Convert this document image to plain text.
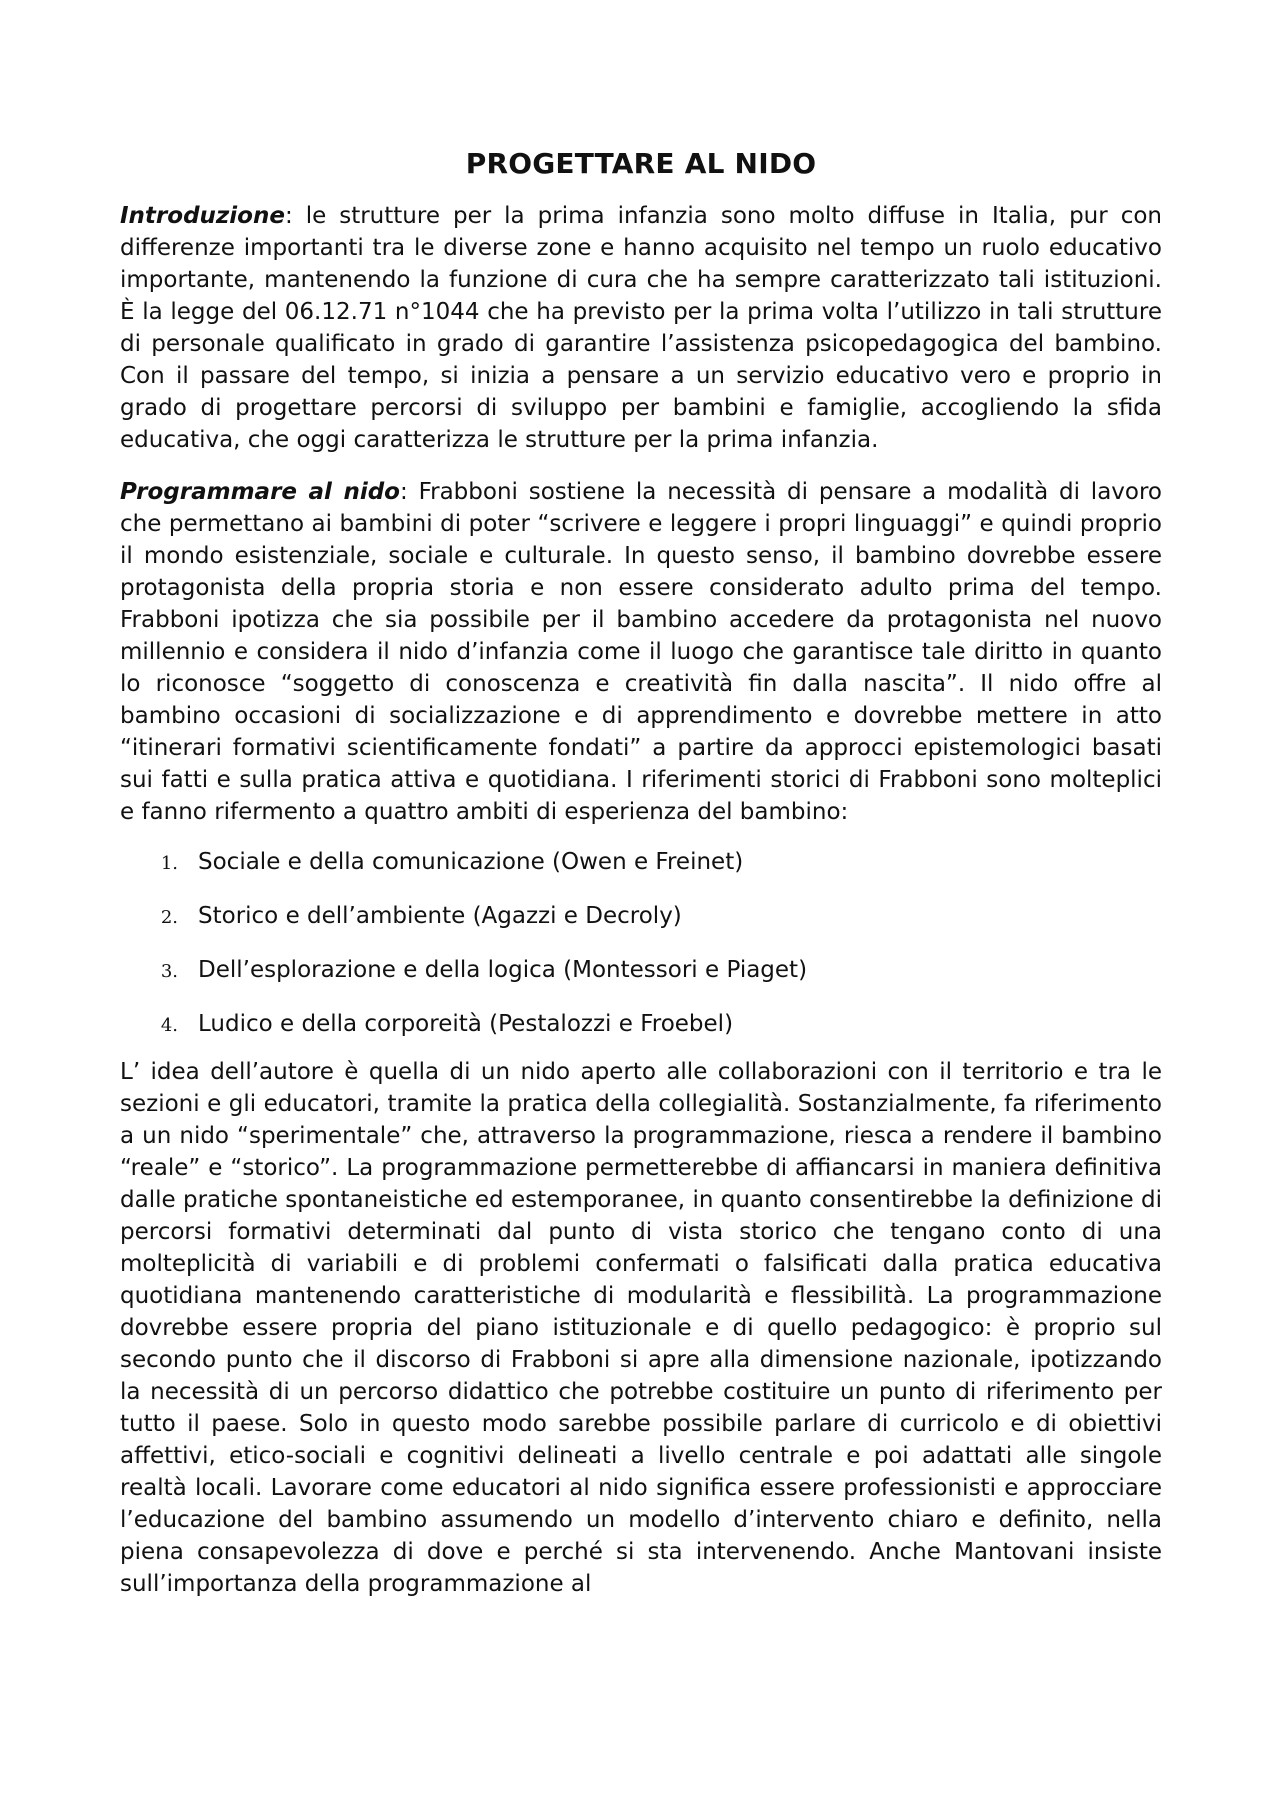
PROGETTARE AL NIDO

Introduzione: le strutture per la prima infanzia sono molto diffuse in Italia, pur con differenze importanti tra le diverse zone e hanno acquisito nel tempo un ruolo educativo importante, mantenendo la funzione di cura che ha sempre caratterizzato tali istituzioni. È la legge del 06.12.71 n°1044 che ha previsto per la prima volta l’utilizzo in tali strutture di personale qualificato in grado di garantire l’assistenza psicopedagogica del bambino. Con il passare del tempo, si inizia a pensare a un servizio educativo vero e proprio in grado di progettare percorsi di sviluppo per bambini e famiglie, accogliendo la sfida educativa, che oggi caratterizza le strutture per la prima infanzia.

Programmare al nido: Frabboni sostiene la necessità di pensare a modalità di lavoro che permettano ai bambini di poter “scrivere e leggere i propri linguaggi” e quindi proprio il mondo esistenziale, sociale e culturale. In questo senso, il bambino dovrebbe essere protagonista della propria storia e non essere considerato adulto prima del tempo. Frabboni ipotizza che sia possibile per il bambino accedere da protagonista nel nuovo millennio e considera il nido d’infanzia come il luogo che garantisce tale diritto in quanto lo riconosce “soggetto di conoscenza e creatività fin dalla nascita”. Il nido offre al bambino occasioni di socializzazione e di apprendimento e dovrebbe mettere in atto “itinerari formativi scientificamente fondati” a partire da approcci epistemologici basati sui fatti e sulla pratica attiva e quotidiana. I riferimenti storici di Frabboni sono molteplici e fanno rifermento a quattro ambiti di esperienza del bambino:

1. Sociale e della comunicazione (Owen e Freinet)
2. Storico e dell’ambiente (Agazzi e Decroly)
3. Dell’esplorazione e della logica (Montessori e Piaget)
4. Ludico e della corporeità (Pestalozzi e Froebel)

L’ idea dell’autore è quella di un nido aperto alle collaborazioni con il territorio e tra le sezioni e gli educatori, tramite la pratica della collegialità. Sostanzialmente, fa riferimento a un nido “sperimentale” che, attraverso la programmazione, riesca a rendere il bambino “reale” e “storico”. La programmazione permetterebbe di affiancarsi in maniera definitiva dalle pratiche spontaneistiche ed estemporanee, in quanto consentirebbe la definizione di percorsi formativi determinati dal punto di vista storico che tengano conto di una molteplicità di variabili e di problemi confermati o falsificati dalla pratica educativa quotidiana mantenendo caratteristiche di modularità e flessibilità. La programmazione dovrebbe essere propria del piano istituzionale e di quello pedagogico: è proprio sul secondo punto che il discorso di Frabboni si apre alla dimensione nazionale, ipotizzando la necessità di un percorso didattico che potrebbe costituire un punto di riferimento per tutto il paese. Solo in questo modo sarebbe possibile parlare di curricolo e di obiettivi affettivi, etico-sociali e cognitivi delineati a livello centrale e poi adattati alle singole realtà locali. Lavorare come educatori al nido significa essere professionisti e approcciare l’educazione del bambino assumendo un modello d’intervento chiaro e definito, nella piena consapevolezza di dove e perché si sta intervenendo. Anche Mantovani insiste sull’importanza della programmazione al
